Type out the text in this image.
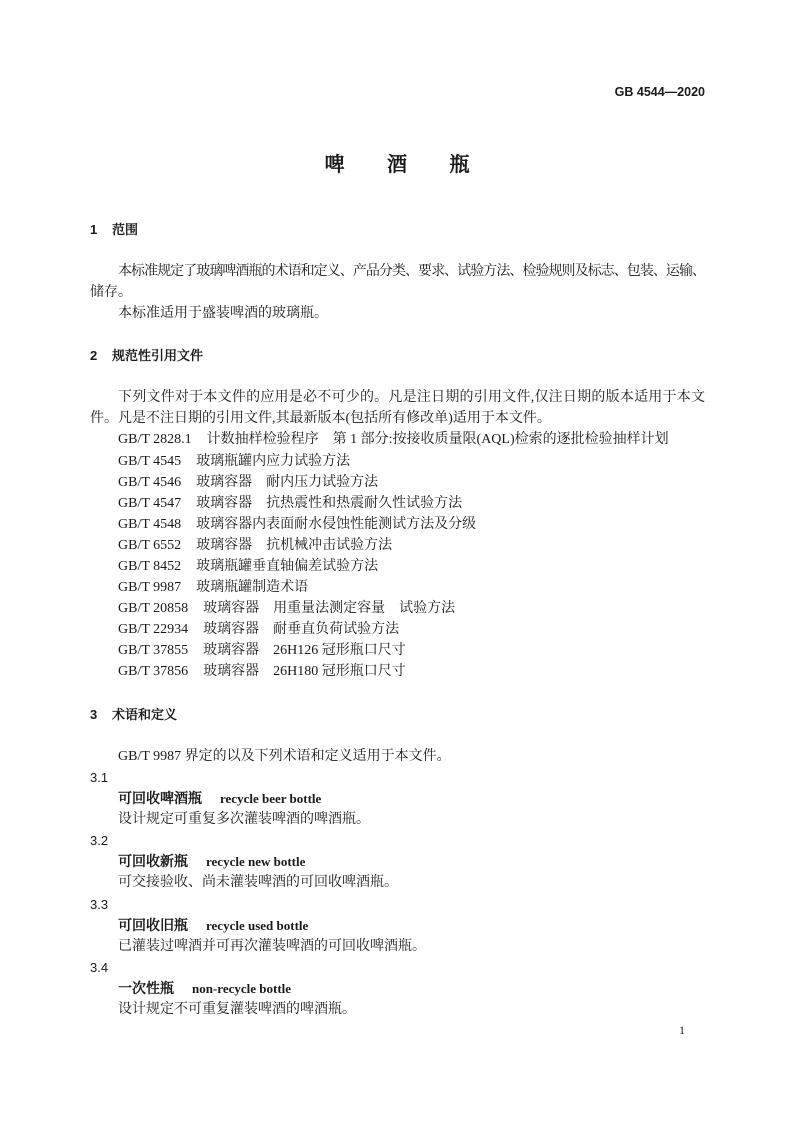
GB 4544—2020
啤 酒 瓶
1 范围
本标准规定了玻璃啤酒瓶的术语和定义、产品分类、要求、试验方法、检验规则及标志、包装、运输、
储存。
本标准适用于盛装啤酒的玻璃瓶。
2 规范性引用文件
下列文件对于本文件的应用是必不可少的。凡是注日期的引用文件,仅注日期的版本适用于本文
件。凡是不注日期的引用文件,其最新版本(包括所有修改单)适用于本文件。
GB/T 2828.1 计数抽样检验程序　第 1 部分:按接收质量限(AQL)检索的逐批检验抽样计划
GB/T 4545 玻璃瓶罐内应力试验方法
GB/T 4546 玻璃容器　耐内压力试验方法
GB/T 4547 玻璃容器　抗热震性和热震耐久性试验方法
GB/T 4548 玻璃容器内表面耐水侵蚀性能测试方法及分级
GB/T 6552 玻璃容器　抗机械冲击试验方法
GB/T 8452 玻璃瓶罐垂直轴偏差试验方法
GB/T 9987 玻璃瓶罐制造术语
GB/T 20858 玻璃容器　用重量法测定容量　试验方法
GB/T 22934 玻璃容器　耐垂直负荷试验方法
GB/T 37855 玻璃容器　26H126 冠形瓶口尺寸
GB/T 37856 玻璃容器　26H180 冠形瓶口尺寸
3 术语和定义
GB/T 9987 界定的以及下列术语和定义适用于本文件。
3.1
可回收啤酒瓶 recycle beer bottle
设计规定可重复多次灌装啤酒的啤酒瓶。
3.2
可回收新瓶 recycle new bottle
可交接验收、尚未灌装啤酒的可回收啤酒瓶。
3.3
可回收旧瓶 recycle used bottle
已灌装过啤酒并可再次灌装啤酒的可回收啤酒瓶。
3.4
一次性瓶 non-recycle bottle
设计规定不可重复灌装啤酒的啤酒瓶。
1
